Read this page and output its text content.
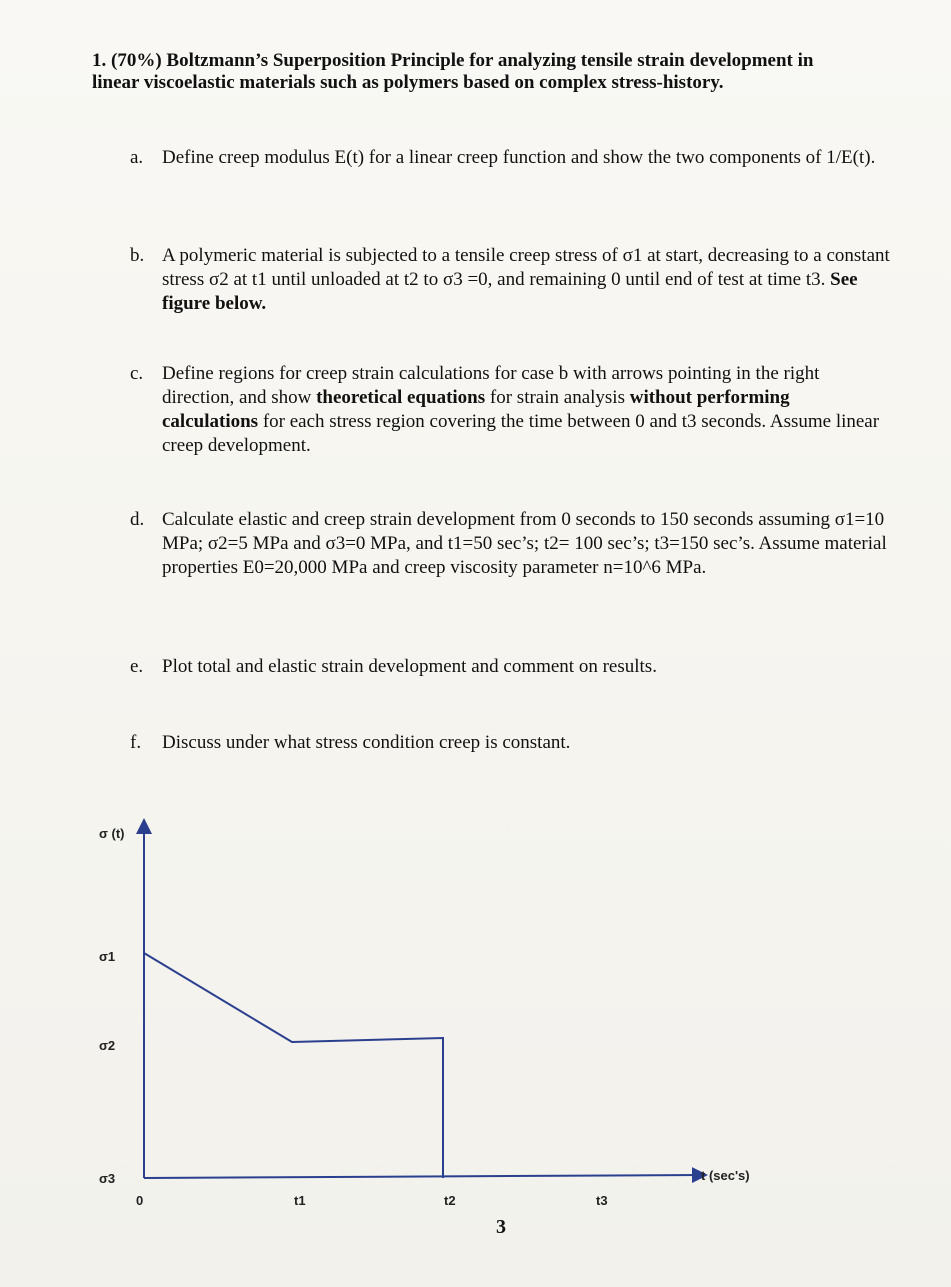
1. (70%) Boltzmann’s Superposition Principle for analyzing tensile strain development in linear viscoelastic materials such as polymers based on complex stress-history.

a. Define creep modulus E(t) for a linear creep function and show the two components of 1/E(t).
b. A polymeric material is subjected to a tensile creep stress of σ1 at start, decreasing to a constant stress σ2 at t1 until unloaded at t2 to σ3 =0, and remaining 0 until end of test at time t3. See figure below.
c. Define regions for creep strain calculations for case b with arrows pointing in the right direction, and show theoretical equations for strain analysis without performing calculations for each stress region covering the time between 0 and t3 seconds. Assume linear creep development.
d. Calculate elastic and creep strain development from 0 seconds to 150 seconds assuming σ1=10 MPa; σ2=5 MPa and σ3=0 MPa, and t1=50 sec’s; t2= 100 sec’s; t3=150 sec’s. Assume material properties E0=20,000 MPa and creep viscosity parameter n=10^6 MPa.
e. Plot total and elastic strain development and comment on results.
f.	Discuss under what stress condition creep is constant.
σ (t)
t (sec's)
σ1
σ2
σ3
0	t1	t2	t3
3
